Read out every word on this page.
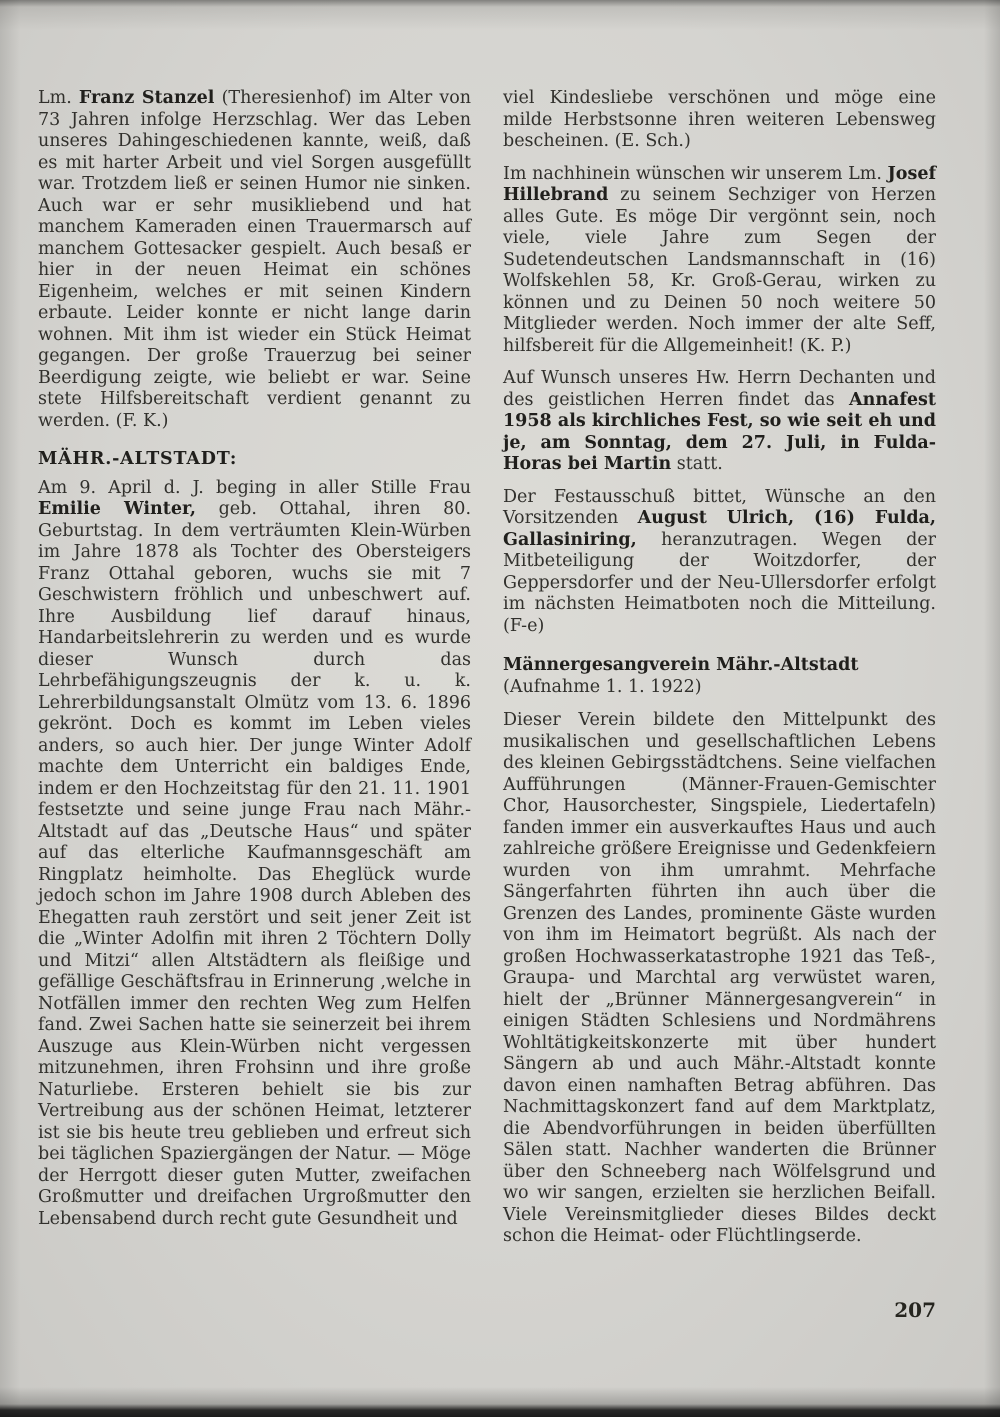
Lm. Franz Stanzel (Theresienhof) im Alter von 73 Jahren infolge Herzschlag. Wer das Leben unseres Dahingeschiedenen kannte, weiß, daß es mit harter Arbeit und viel Sorgen ausgefüllt war. Trotzdem ließ er seinen Humor nie sinken. Auch war er sehr musikliebend und hat manchem Kameraden einen Trauermarsch auf manchem Gottesacker gespielt. Auch besaß er hier in der neuen Heimat ein schönes Eigenheim, welches er mit seinen Kindern erbaute. Leider konnte er nicht lange darin wohnen. Mit ihm ist wieder ein Stück Heimat gegangen. Der große Trauerzug bei seiner Beerdigung zeigte, wie beliebt er war. Seine stete Hilfsbereitschaft verdient genannt zu werden. (F. K.)

MÄHR.-ALTSTADT:

Am 9. April d. J. beging in aller Stille Frau Emilie Winter, geb. Ottahal, ihren 80. Geburtstag. In dem verträumten Klein-Würben im Jahre 1878 als Tochter des Obersteigers Franz Ottahal geboren, wuchs sie mit 7 Geschwistern fröhlich und unbeschwert auf. Ihre Ausbildung lief darauf hinaus, Handarbeitslehrerin zu werden und es wurde dieser Wunsch durch das Lehrbefähigungszeugnis der k. u. k. Lehrerbildungsanstalt Olmütz vom 13. 6. 1896 gekrönt. Doch es kommt im Leben vieles anders, so auch hier. Der junge Winter Adolf machte dem Unterricht ein baldiges Ende, indem er den Hochzeitstag für den 21. 11. 1901 festsetzte und seine junge Frau nach Mähr.-Altstadt auf das „Deutsche Haus“ und später auf das elterliche Kaufmannsgeschäft am Ringplatz heimholte. Das Eheglück wurde jedoch schon im Jahre 1908 durch Ableben des Ehegatten rauh zerstört und seit jener Zeit ist die „Winter Adolfin mit ihren 2 Töchtern Dolly und Mitzi“ allen Altstädtern als fleißige und gefällige Geschäftsfrau in Erinnerung ,welche in Notfällen immer den rechten Weg zum Helfen fand. Zwei Sachen hatte sie seinerzeit bei ihrem Auszuge aus Klein-Würben nicht vergessen mitzunehmen, ihren Frohsinn und ihre große Naturliebe. Ersteren behielt sie bis zur Vertreibung aus der schönen Heimat, letzterer ist sie bis heute treu geblieben und erfreut sich bei täglichen Spaziergängen der Natur. — Möge der Herrgott dieser guten Mutter, zweifachen Großmutter und dreifachen Urgroßmutter den Lebensabend durch recht gute Gesundheit und

viel Kindesliebe verschönen und möge eine milde Herbstsonne ihren weiteren Lebensweg bescheinen. (E. Sch.)

Im nachhinein wünschen wir unserem Lm. Josef Hillebrand zu seinem Sechziger von Herzen alles Gute. Es möge Dir vergönnt sein, noch viele, viele Jahre zum Segen der Sudetendeutschen Landsmannschaft in (16) Wolfskehlen 58, Kr. Groß-Gerau, wirken zu können und zu Deinen 50 noch weitere 50 Mitglieder werden. Noch immer der alte Seff, hilfsbereit für die Allgemeinheit! (K. P.)

Auf Wunsch unseres Hw. Herrn Dechanten und des geistlichen Herren findet das Annafest 1958 als kirchliches Fest, so wie seit eh und je, am Sonntag, dem 27. Juli, in Fulda-Horas bei Martin statt.

Der Festausschuß bittet, Wünsche an den Vorsitzenden August Ulrich, (16) Fulda, Gallasiniring, heranzutragen. Wegen der Mitbeteiligung der Woitzdorfer, der Geppersdorfer und der Neu-Ullersdorfer erfolgt im nächsten Heimatboten noch die Mitteilung. (F-e)

Männergesangverein Mähr.-Altstadt

(Aufnahme 1. 1. 1922)

Dieser Verein bildete den Mittelpunkt des musikalischen und gesellschaftlichen Lebens des kleinen Gebirgsstädtchens. Seine vielfachen Aufführungen (Männer-Frauen-Gemischter Chor, Hausorchester, Singspiele, Liedertafeln) fanden immer ein ausverkauftes Haus und auch zahlreiche größere Ereignisse und Gedenkfeiern wurden von ihm umrahmt. Mehrfache Sängerfahrten führten ihn auch über die Grenzen des Landes, prominente Gäste wurden von ihm im Heimatort begrüßt. Als nach der großen Hochwasserkatastrophe 1921 das Teß-, Graupa- und Marchtal arg verwüstet waren, hielt der „Brünner Männergesangverein“ in einigen Städten Schlesiens und Nordmährens Wohltätigkeitskonzerte mit über hundert Sängern ab und auch Mähr.-Altstadt konnte davon einen namhaften Betrag abführen. Das Nachmittagskonzert fand auf dem Marktplatz, die Abendvorführungen in beiden überfüllten Sälen statt. Nachher wanderten die Brünner über den Schneeberg nach Wölfelsgrund und wo wir sangen, erzielten sie herzlichen Beifall. Viele Vereinsmitglieder dieses Bildes deckt schon die Heimat- oder Flüchtlingserde.

207
